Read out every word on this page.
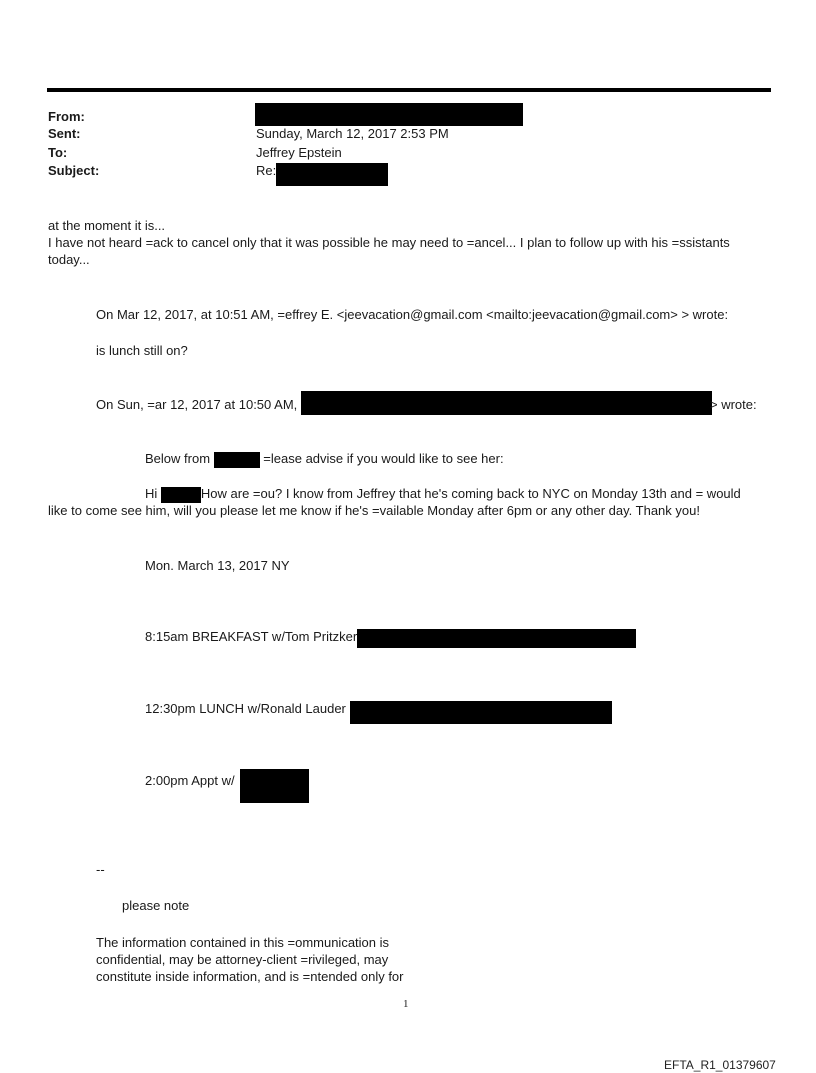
From:
Sent:	Sunday, March 12, 2017 2:53 PM
To:	Jeffrey Epstein
Subject:	Re:
at the moment it is...
I have not heard =ack to cancel only that it was possible he may need to =ancel... I plan to follow up with his =ssistants
today...
On Mar 12, 2017, at 10:51 AM, =effrey E. <jeevacation@gmail.com <mailto:jeevacation@gmail.com> > wrote:
is lunch still on?
On Sun, =ar 12, 2017 at 10:50 AM,	> wrote:
Below from	=lease advise if you would like to see her:
Hi	How are =ou? I know from Jeffrey that he's coming back to NYC on Monday 13th and = would
like to come see him, will you please let me know if he's =vailable Monday after 6pm or any other day. Thank you!
Mon. March 13, 2017 NY
8:15am BREAKFAST w/Tom Pritzker
12:30pm LUNCH w/Ronald Lauder
2:00pm Appt w/
--
please note
The information contained in this =ommunication is
confidential, may be attorney-client =rivileged, may
constitute inside information, and is =ntended only for
1
EFTA_R1_01379607
